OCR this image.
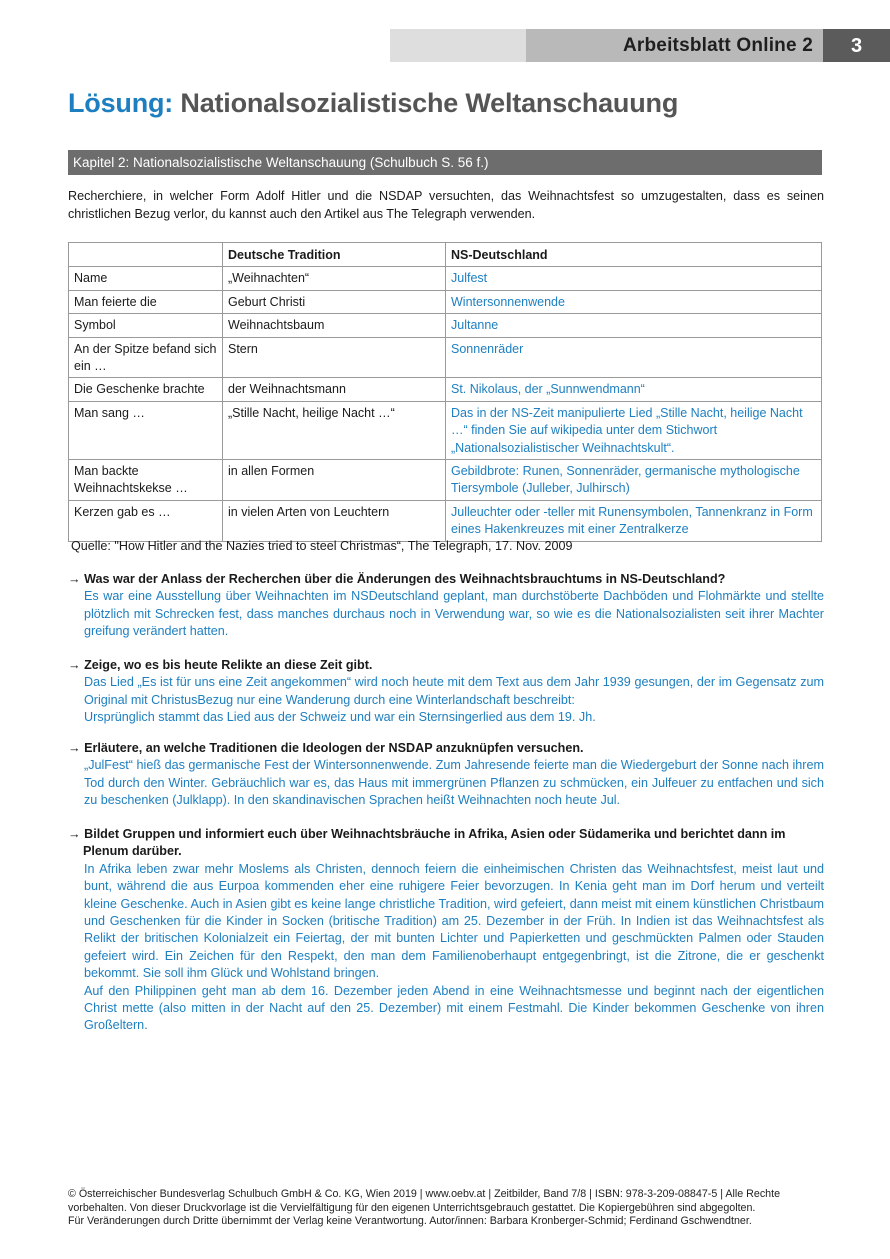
Arbeitsblatt Online 2	3
Lösung: Nationalsozialistische Weltanschauung
Kapitel 2: Nationalsozialistische Weltanschauung (Schulbuch S. 56 f.)

Recherchiere, in welcher Form Adolf Hitler und die NSDAP versuchten, das Weihnachtsfest so umzugestalten, dass es seinen christlichen Bezug verlor, du kannst auch den Artikel aus The Telegraph verwenden.

	Deutsche Tradition	NS-Deutschland
Name	„Weihnachten“	Julfest
Man feierte die	Geburt Christi	Wintersonnenwende
Symbol	Weihnachtsbaum	Jultanne
An der Spitze befand sich ein …	Stern	Sonnenräder
Die Geschenke brachte	der Weihnachtsmann	St. Nikolaus, der „Sunnwendmann“
Man sang …	„Stille Nacht, heilige Nacht …“	Das in der NS-Zeit manipulierte Lied „Stille Nacht, heilige Nacht …“ finden Sie auf wikipedia unter dem Stichwort „Nationalsozialistischer Weihnachtskult“.
Man backte Weihnachtskekse …	in allen Formen	Gebildbrote: Runen, Sonnenräder, germanische mythologische Tiersymbole (Julleber, Julhirsch)
Kerzen gab es …	in vielen Arten von Leuchtern	Julleuchter oder -teller mit Runensymbolen, Tannenkranz in Form eines Hakenkreuzes mit einer Zentralkerze
Quelle: "How Hitler and the Nazies tried to steel Christmas“, The Telegraph, 17. Nov. 2009

→ Was war der Anlass der Recherchen über die Änderungen des Weihnachtsbrauchtums in NS-Deutschland?

Es war eine Ausstellung über Weihnachten im NSDeutschland geplant, man durchstöberte Dachböden und Flohmärkte und stellte plötzlich mit Schrecken fest, dass manches durchaus noch in Verwendung war, so wie es die Nationalsozialisten seit ihrer Machter greifung verändert hatten.

→ Zeige, wo es bis heute Relikte an diese Zeit gibt.

Das Lied „Es ist für uns eine Zeit angekommen“ wird noch heute mit dem Text aus dem Jahr 1939 gesungen, der im Gegensatz zum Original mit ChristusBezug nur eine Wanderung durch eine Winterlandschaft beschreibt:

Ursprünglich stammt das Lied aus der Schweiz und war ein Sternsingerlied aus dem 19. Jh.

→ Erläutere, an welche Traditionen die Ideologen der NSDAP anzuknüpfen versuchen.

„JulFest“ hieß das germanische Fest der Wintersonnenwende. Zum Jahresende feierte man die Wiedergeburt der Sonne nach ihrem Tod durch den Winter. Gebräuchlich war es, das Haus mit immergrünen Pflanzen zu schmücken, ein Julfeuer zu entfachen und sich zu beschenken (Julklapp). In den skandinavischen Sprachen heißt Weihnachten noch heute Jul.

→ Bildet Gruppen und informiert euch über Weihnachtsbräuche in Afrika, Asien oder Südamerika und berichtet dann im Plenum darüber.

In Afrika leben zwar mehr Moslems als Christen, dennoch feiern die einheimischen Christen das Weihnachtsfest, meist laut und bunt, während die aus Eurpoa kommenden eher eine ruhigere Feier bevorzugen. In Kenia geht man im Dorf herum und verteilt kleine Geschenke. Auch in Asien gibt es keine lange christliche Tradition, wird gefeiert, dann meist mit einem künstlichen Christbaum und Geschenken für die Kinder in Socken (britische Tradition) am 25. Dezember in der Früh. In Indien ist das Weihnachtsfest als Relikt der britischen Kolonialzeit ein Feiertag, der mit bunten Lichter und Papierketten und geschmückten Palmen oder Stauden gefeiert wird. Ein Zeichen für den Respekt, den man dem Familienoberhaupt entgegenbringt, ist die Zitrone, die er geschenkt bekommt. Sie soll ihm Glück und Wohlstand bringen.

Auf den Philippinen geht man ab dem 16. Dezember jeden Abend in eine Weihnachtsmesse und beginnt nach der eigentlichen Christ mette (also mitten in der Nacht auf den 25. Dezember) mit einem Festmahl. Die Kinder bekommen Geschenke von ihren Großeltern.

© Österreichischer Bundesverlag Schulbuch GmbH & Co. KG, Wien 2019 | www.oebv.at | Zeitbilder, Band 7/8 | ISBN: 978-3-209-08847-5 | Alle Rechte
vorbehalten. Von dieser Druckvorlage ist die Vervielfältigung für den eigenen Unterrichtsgebrauch gestattet. Die Kopiergebühren sind abgegolten.
Für Veränderungen durch Dritte übernimmt der Verlag keine Verantwortung. Autor/innen: Barbara Kronberger-Schmid; Ferdinand Gschwendtner.
